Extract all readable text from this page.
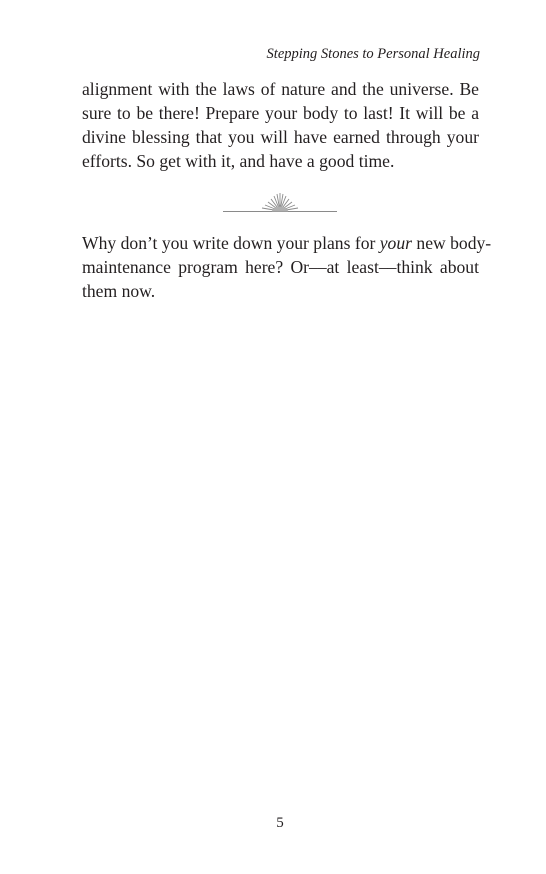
Stepping Stones to Personal Healing

alignment with the laws of nature and the universe. Be
sure to be there! Prepare your body to last! It will be a
divine blessing that you will have earned through your
efforts. So get with it, and have a good time.

Why don’t you write down your plans for your new body-
maintenance program here? Or––at least––think about
them now.

5
